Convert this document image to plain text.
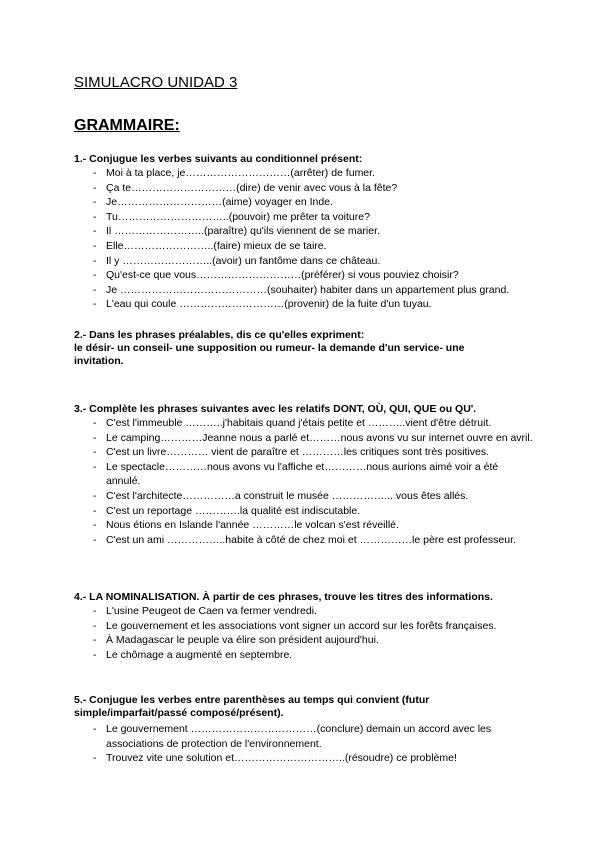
SIMULACRO UNIDAD 3
GRAMMAIRE:
1.- Conjugue les verbes suivants au conditionnel présent:
- Moi à ta place, je…………………………(arrêter) de fumer.
- Ça te…………………………(dire) de venir avec vous à la fête?
- Je…………………………(aime) voyager en Inde.
- Tu…………………………..(pouvoir) me prêter ta voiture?
- Il ……………………..(paraître) qu'ils viennent de se marier.
- Elle……………………..(faire) mieux de se taire.
- Il y ……………………..(avoir) un fantôme dans ce château.
- Qu'est-ce que vous…………………………(préférer) si vous pouviez choisir?
- Je ……………………………………(souhaiter) habiter dans un appartement plus grand.
- L'eau qui coule …………………………(provenir) de la fuite d'un tuyau.
2.- Dans les phrases préalables, dis ce qu'elles expriment:
le désir- un conseil- une supposition ou rumeur- la demande d'un service- une invitation.
3.- Complète les phrases suivantes avec les relatifs DONT, OÙ, QUI, QUE ou QU'.
- C'est l'immeuble ………..j'habitais quand j'étais petite et ………..vient d'être détruit.
- Le camping…………Jeanne nous a parlé et………nous avons vu sur internet ouvre en avril.
- C'est un livre………… vient de paraître et …………les critiques sont très positives.
- Le spectacle…………nous avons vu l'affiche et…………nous aurions aimé voir a été annulé.
- C'est l'architecte……………a construit le musée ……………... vous êtes allés.
- C'est un reportage ………….la qualité est indiscutable.
- Nous étions en Islande l'année …………le volcan s'est réveillé.
- C'est un ami ……………..habite à côté de chez moi et ……………le père est professeur.
4.- LA NOMINALISATION. À partir de ces phrases, trouve les titres des informations.
- L'usine Peugeot de Caen va fermer vendredi.
- Le gouvernement et les associations vont signer un accord sur les forêts françaises.
- À Madagascar le peuple va élire son président aujourd'hui.
- Le chômage a augmenté en septembre.
5.- Conjugue les verbes entre parenthèses au temps qui convient (futur simple/imparfait/passé composé/présent).
- Le gouvernement ………………………………(conclure) demain un accord avec les associations de protection de l'environnement.
- Trouvez vite une solution et…………………………..(résoudre) ce problème!
